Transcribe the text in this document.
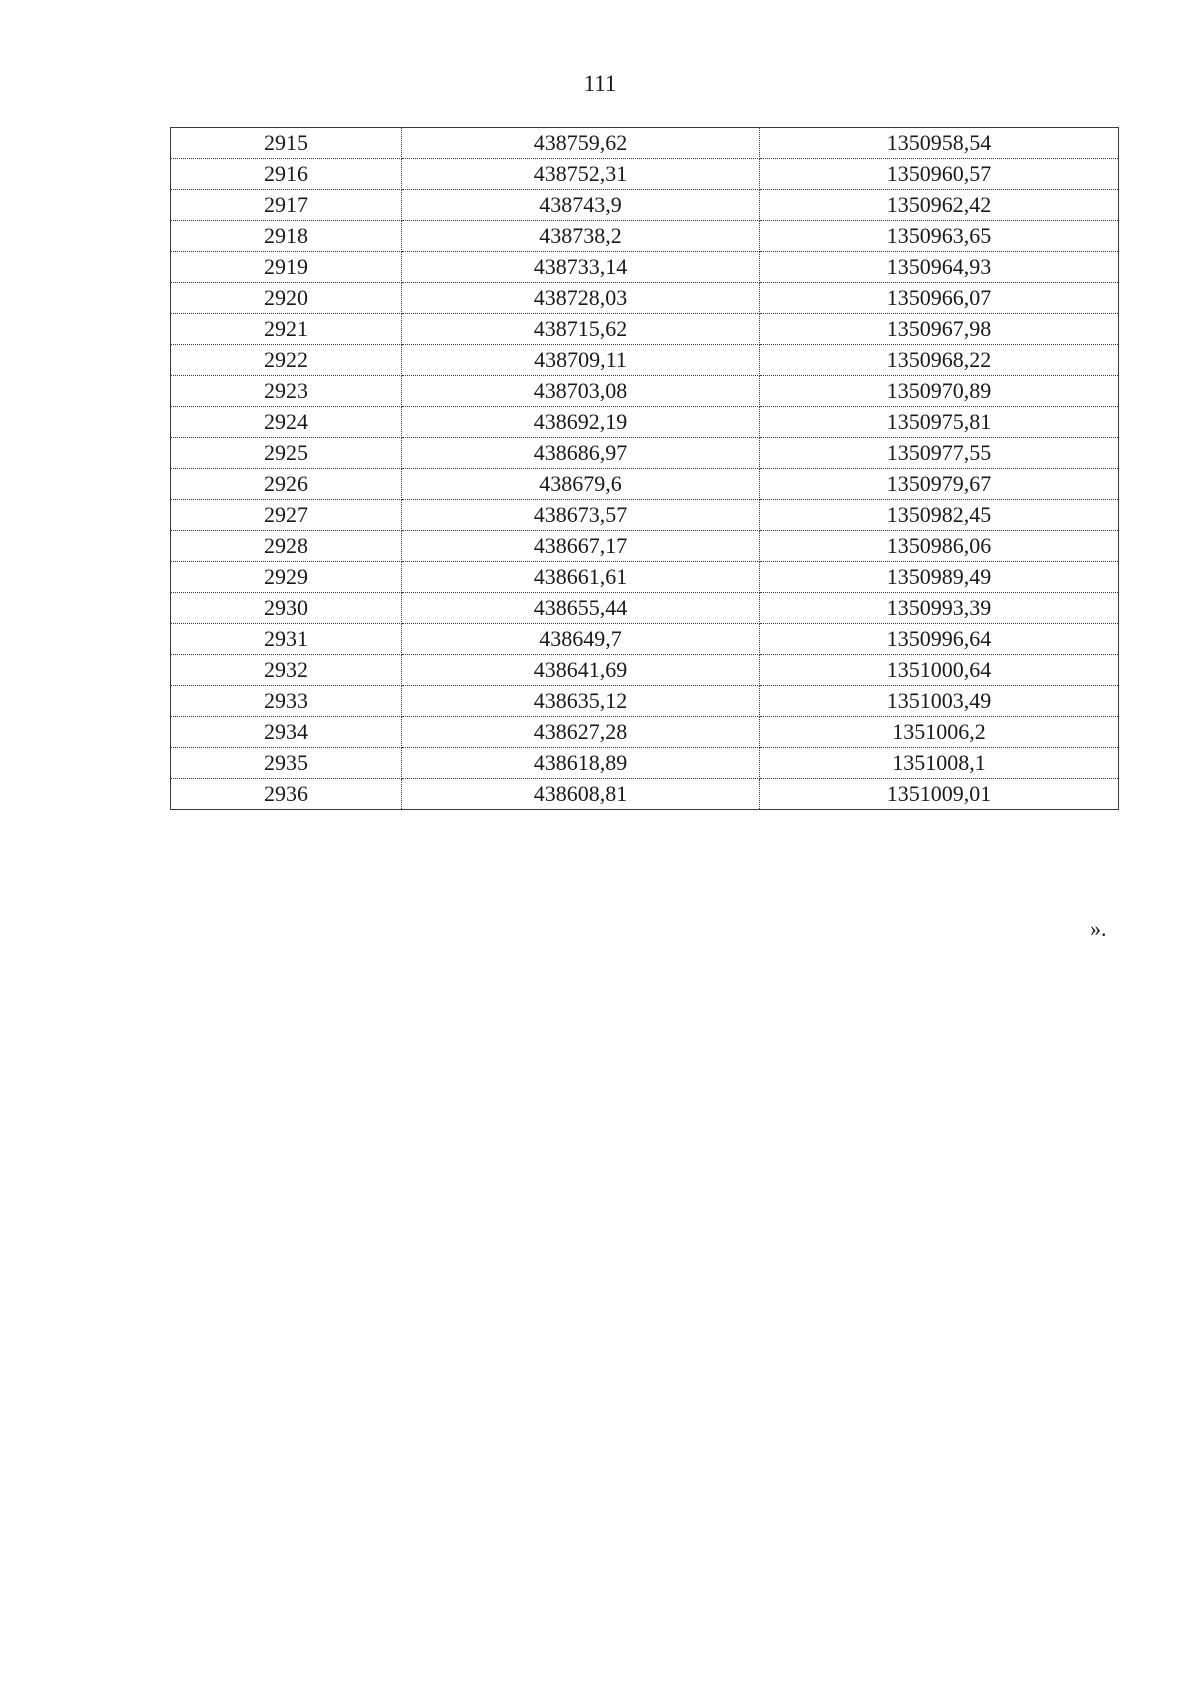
111
2915	438759,62	1350958,54
2916	438752,31	1350960,57
2917	438743,9	1350962,42
2918	438738,2	1350963,65
2919	438733,14	1350964,93
2920	438728,03	1350966,07
2921	438715,62	1350967,98
2922	438709,11	1350968,22
2923	438703,08	1350970,89
2924	438692,19	1350975,81
2925	438686,97	1350977,55
2926	438679,6	1350979,67
2927	438673,57	1350982,45
2928	438667,17	1350986,06
2929	438661,61	1350989,49
2930	438655,44	1350993,39
2931	438649,7	1350996,64
2932	438641,69	1351000,64
2933	438635,12	1351003,49
2934	438627,28	1351006,2
2935	438618,89	1351008,1
2936	438608,81	1351009,01
».
